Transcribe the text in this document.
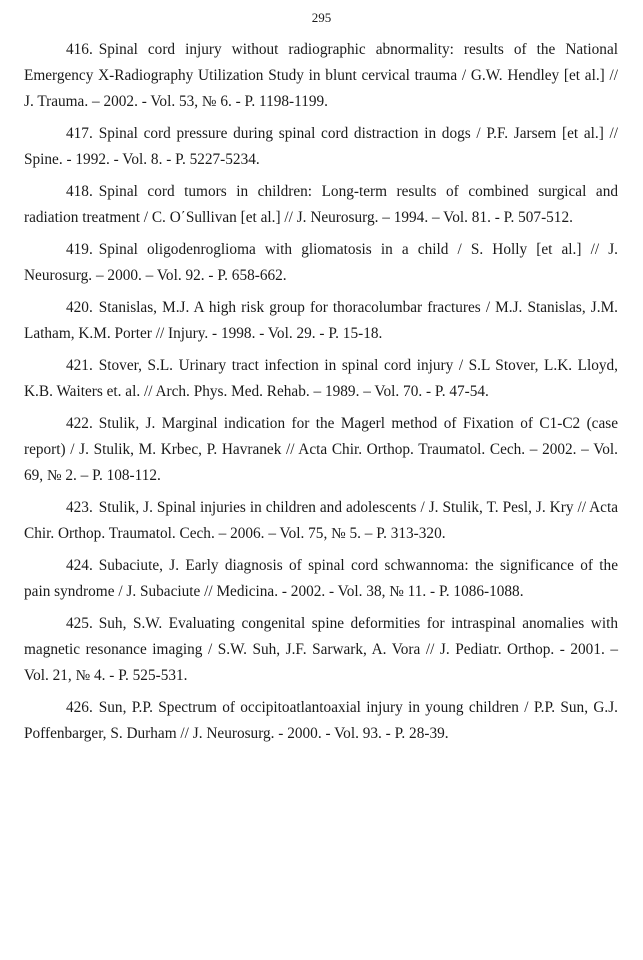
295
416. Spinal cord injury without radiographic abnormality: results of the National Emergency X-Radiography Utilization Study in blunt cervical trauma / G.W. Hendley [et al.] // J. Trauma. – 2002. - Vol. 53, № 6. - P. 1198-1199.
417. Spinal cord pressure during spinal cord distraction in dogs / P.F. Jarsem [et al.] // Spine. - 1992. - Vol. 8. - P. 5227-5234.
418. Spinal cord tumors in children: Long-term results of combined surgical and radiation treatment / C. O΄Sullivan [et al.] // J. Neurosurg. – 1994. – Vol. 81. - P. 507-512.
419. Spinal oligodenroglioma with gliomatosis in a child / S. Holly [et al.] // J. Neurosurg. – 2000. – Vol. 92. - P. 658-662.
420. Stanislas, M.J. A high risk group for thoracolumbar fractures / M.J. Stanislas, J.M. Latham, K.M. Porter // Injury. - 1998. - Vol. 29. - P. 15-18.
421. Stover, S.L. Urinary tract infection in spinal cord injury / S.L Stover, L.K. Lloyd, K.B. Waiters et. al. // Arch. Phys. Med. Rehab. – 1989. – Vol. 70. - P. 47-54.
422. Stulik, J. Marginal indication for the Magerl method of Fixation of C1-C2 (case report) / J. Stulik, M. Krbec, P. Havranek // Acta Chir. Orthop. Traumatol. Cech. – 2002. – Vol. 69, № 2. – P. 108-112.
423. Stulik, J. Spinal injuries in children and adolescents / J. Stulik, T. Pesl, J. Kry // Acta Chir. Orthop. Traumatol. Cech. – 2006. – Vol. 75, № 5. – P. 313-320.
424. Subaciute, J. Early diagnosis of spinal cord schwannoma: the significance of the pain syndrome / J. Subaciute // Medicina. - 2002. - Vol. 38, № 11. - P. 1086-1088.
425. Suh, S.W. Evaluating congenital spine deformities for intraspinal anomalies with magnetic resonance imaging / S.W. Suh, J.F. Sarwark, A. Vora // J. Pediatr. Orthop. - 2001. – Vol. 21, № 4. - P. 525-531.
426. Sun, P.P. Spectrum of occipitoatlantoaxial injury in young children / P.P. Sun, G.J. Poffenbarger, S. Durham // J. Neurosurg. - 2000. - Vol. 93. - P. 28-39.
